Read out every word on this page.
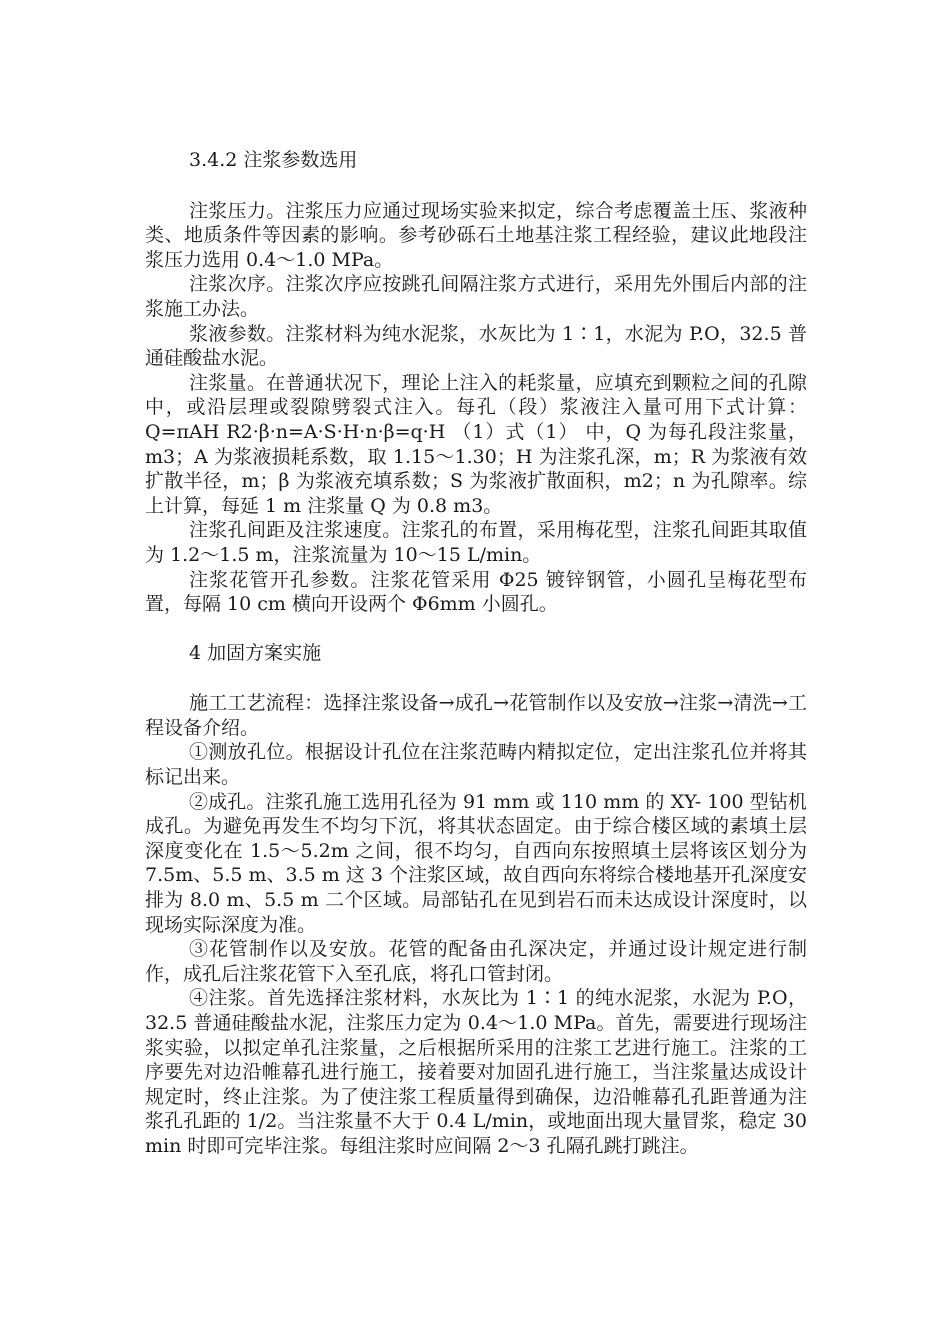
3.4.2 注浆参数选用

注浆压力。注浆压力应通过现场实验来拟定，综合考虑覆盖土压、浆液种类、地质条件等因素的影响。参考砂砾石土地基注浆工程经验，建议此地段注浆压力选用 0.4～1.0 MPa。

注浆次序。注浆次序应按跳孔间隔注浆方式进行，采用先外围后内部的注浆施工办法。

浆液参数。注浆材料为纯水泥浆，水灰比为 1∶1，水泥为 P.O，32.5 普通硅酸盐水泥。

注浆量。在普通状况下，理论上注入的耗浆量，应填充到颗粒之间的孔隙中，或沿层理或裂隙劈裂式注入。每孔（段）浆液注入量可用下式计算：Q=πAH R2·β·n=A·S·H·n·β=q·H （1）式（1） 中，Q 为每孔段注浆量，m3；A 为浆液损耗系数，取 1.15～1.30；H 为注浆孔深，m；R 为浆液有效扩散半径，m；β 为浆液充填系数；S 为浆液扩散面积，m2；n 为孔隙率。综上计算，每延 1 m 注浆量 Q 为 0.8 m3。

注浆孔间距及注浆速度。注浆孔的布置，采用梅花型，注浆孔间距其取值为 1.2～1.5 m，注浆流量为 10～15 L/min。

注浆花管开孔参数。注浆花管采用 Φ25 镀锌钢管，小圆孔呈梅花型布置，每隔 10 cm 横向开设两个 Φ6mm 小圆孔。

4 加固方案实施

施工工艺流程：选择注浆设备→成孔→花管制作以及安放→注浆→清洗→工程设备介绍。

①测放孔位。根据设计孔位在注浆范畴内精拟定位，定出注浆孔位并将其标记出来。

②成孔。注浆孔施工选用孔径为 91 mm 或 110 mm 的 XY- 100 型钻机成孔。为避免再发生不均匀下沉，将其状态固定。由于综合楼区域的素填土层深度变化在 1.5～5.2m 之间，很不均匀，自西向东按照填土层将该区划分为 7.5m、5.5 m、3.5 m 这 3 个注浆区域，故自西向东将综合楼地基开孔深度安排为 8.0 m、5.5 m 二个区域。局部钻孔在见到岩石而未达成设计深度时，以现场实际深度为准。

③花管制作以及安放。花管的配备由孔深决定，并通过设计规定进行制作，成孔后注浆花管下入至孔底，将孔口管封闭。

④注浆。首先选择注浆材料，水灰比为 1∶1 的纯水泥浆，水泥为 P.O，32.5 普通硅酸盐水泥，注浆压力定为 0.4～1.0 MPa。首先，需要进行现场注浆实验，以拟定单孔注浆量，之后根据所采用的注浆工艺进行施工。注浆的工序要先对边沿帷幕孔进行施工，接着要对加固孔进行施工，当注浆量达成设计规定时，终止注浆。为了使注浆工程质量得到确保，边沿帷幕孔孔距普通为注浆孔孔距的 1/2。当注浆量不大于 0.4 L/min，或地面出现大量冒浆，稳定 30 min 时即可完毕注浆。每组注浆时应间隔 2～3 孔隔孔跳打跳注。
